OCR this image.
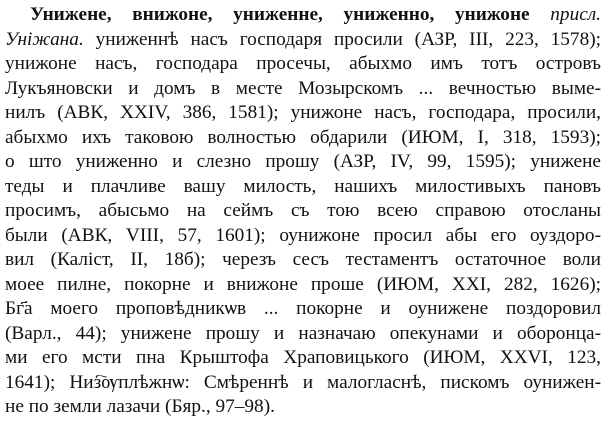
Унижене, внижоне, униженне, униженно, унижоне присл.
Уніжана. униженнѣ насъ господаря просили (АЗР, III, 223, 1578);
унижоне насъ, господара просечы, абыхмо имъ тотъ островъ
Лукъяновски и домъ в месте Мозырскомъ ... вечностью выме-
нилъ (АВК, XXIV, 386, 1581); унижоне насъ, господара, просили,
абыхмо ихъ таковою волностью обдарили (ИЮМ, I, 318, 1593);
о што униженно и слезно прошу (АЗР, IV, 99, 1595); унижене
теды и плачливе вашу милость, нашихъ милостивыхъ пановъ
просимъ, абысьмо на сеймъ съ тою всею справою отосланы
были (АВК, VIII, 57, 1601); оунижоне просил абы его оуздоро-
вил (Каліст, II, 18б); черезъ сесъ тестаментъ остаточное воли
моее пилне, покорне и внижоне проше (ИЮМ, XXI, 282, 1626);
Бг҃а моего проповѣдникѡв ... покорне и оунижене поздоровил
(Варл., 44); унижене прошу и назначаю опекунами и оборонца-
ми его мсти пна Крыштофа Храповицького (ИЮМ, XXVI, 123,
1641); Низ҇ѹплѣжнѡ: Смѣреннѣ и малогласнѣ, пискомъ оунижен-
не по земли лазачи (Бяр., 97–98).
